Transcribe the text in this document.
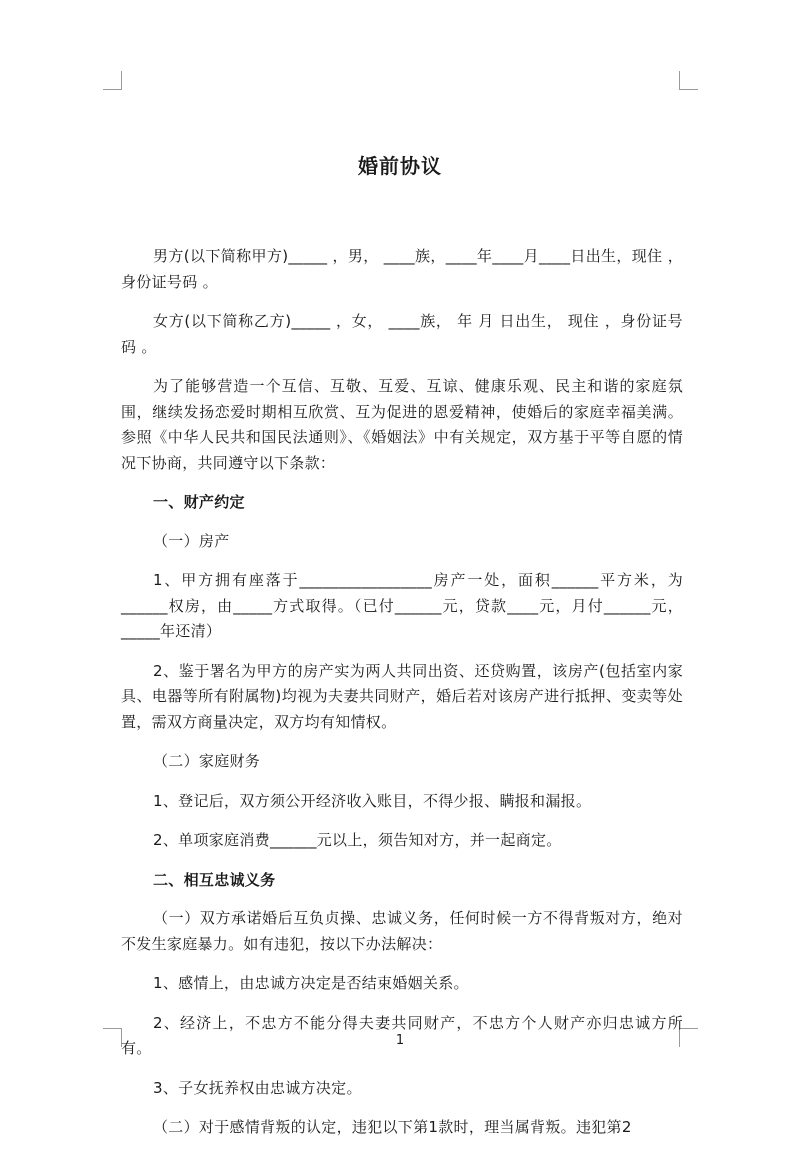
婚前协议

男方(以下简称甲方)_____ ，男， ____族，____年____月____日出生，现住 ，身份证号码 。

女方(以下简称乙方)_____ ，女， ____族， 年 月 日出生， 现住 ，身份证号码 。

为了能够营造一个互信、互敬、互爱、互谅、健康乐观、民主和谐的家庭氛围，继续发扬恋爱时期相互欣赏、互为促进的恩爱精神，使婚后的家庭幸福美满。参照《中华人民共和国民法通则》、《婚姻法》中有关规定，双方基于平等自愿的情况下协商，共同遵守以下条款：

一、财产约定

（一）房产

1、甲方拥有座落于_________________房产一处，面积______平方米，为______权房，由_____方式取得。（已付______元，贷款____元，月付______元，_____年还清）

2、鉴于署名为甲方的房产实为两人共同出资、还贷购置，该房产(包括室内家具、电器等所有附属物)均视为夫妻共同财产，婚后若对该房产进行抵押、变卖等处置，需双方商量决定，双方均有知情权。

（二）家庭财务

1、登记后，双方须公开经济收入账目，不得少报、瞒报和漏报。

2、单项家庭消费______元以上，须告知对方，并一起商定。

二、相互忠诚义务

（一）双方承诺婚后互负贞操、忠诚义务，任何时候一方不得背叛对方，绝对不发生家庭暴力。如有违犯，按以下办法解决：

1、感情上，由忠诚方决定是否结束婚姻关系。

2、经济上，不忠方不能分得夫妻共同财产，不忠方个人财产亦归忠诚方所有。

3、子女抚养权由忠诚方决定。

（二）对于感情背叛的认定，违犯以下第1款时，理当属背叛。违犯第2

1
